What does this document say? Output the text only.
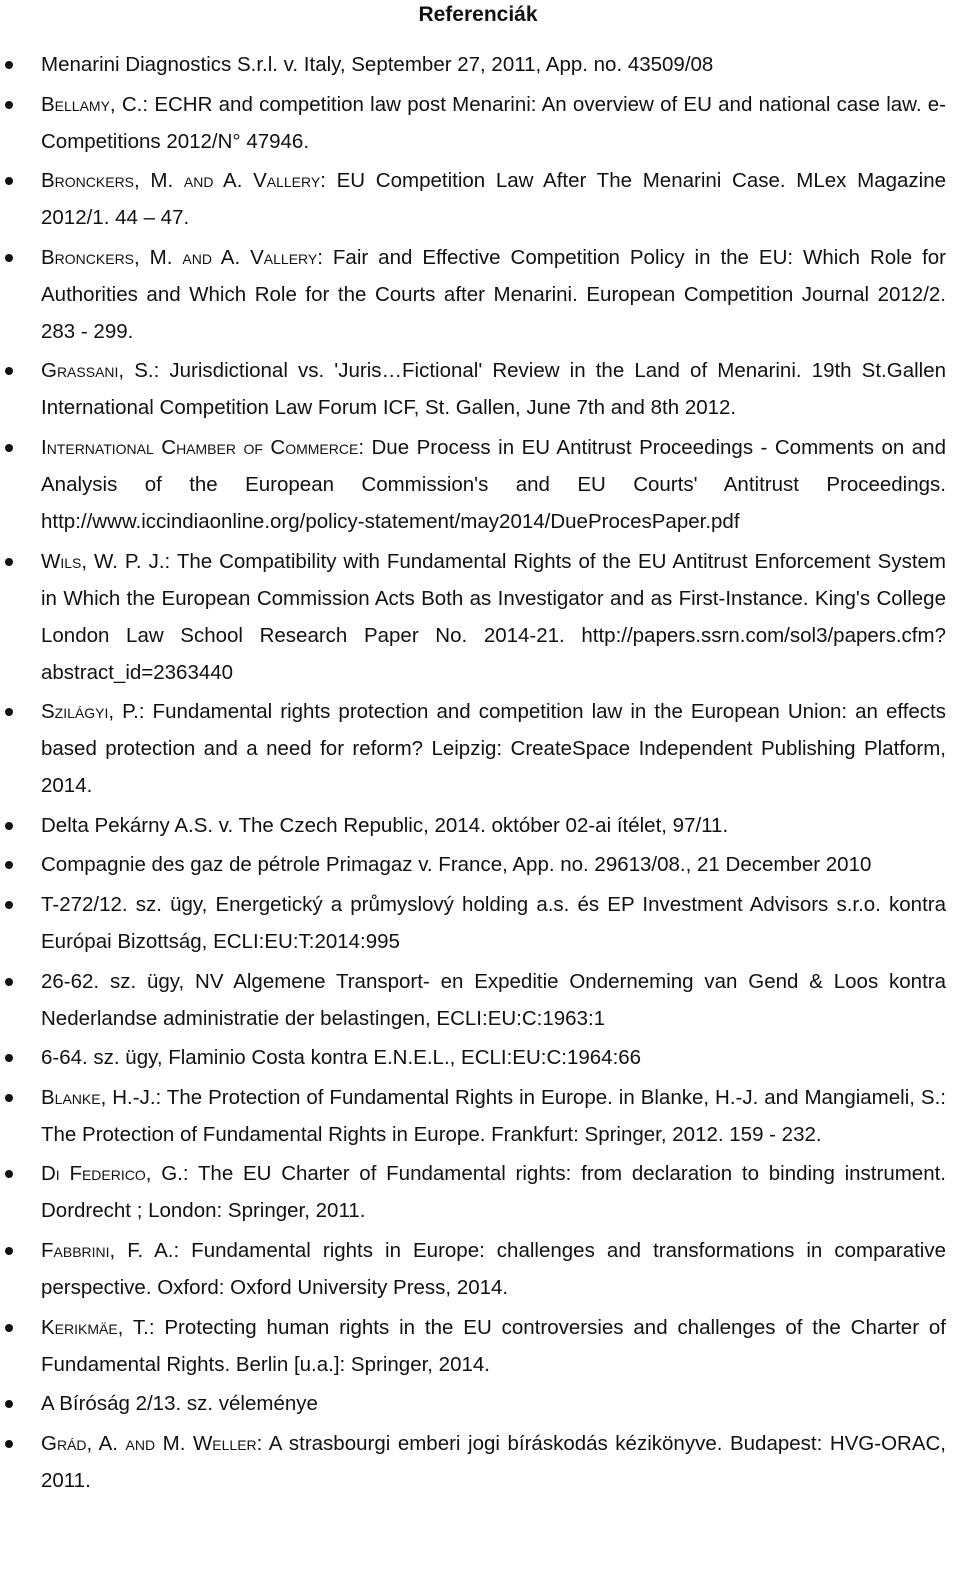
Referenciák
Menarini Diagnostics S.r.l. v. Italy, September 27, 2011, App. no. 43509/08
Bellamy, C.: ECHR and competition law post Menarini: An overview of EU and national case law. e-Competitions 2012/N° 47946.
Bronckers, M. and A. Vallery: EU Competition Law After The Menarini Case. MLex Magazine 2012/1. 44 – 47.
Bronckers, M. and A. Vallery: Fair and Effective Competition Policy in the EU: Which Role for Authorities and Which Role for the Courts after Menarini. European Competition Journal 2012/2. 283 - 299.
Grassani, S.: Jurisdictional vs. 'Juris…Fictional' Review in the Land of Menarini. 19th St.Gallen International Competition Law Forum ICF, St. Gallen, June 7th and 8th 2012.
International Chamber of Commerce: Due Process in EU Antitrust Proceedings - Comments on and Analysis of the European Commission's and EU Courts' Antitrust Proceedings. http://www.iccindiaonline.org/policy-statement/may2014/DueProcesPaper.pdf
Wils, W. P. J.: The Compatibility with Fundamental Rights of the EU Antitrust Enforcement System in Which the European Commission Acts Both as Investigator and as First-Instance. King's College London Law School Research Paper No. 2014-21. http://papers.ssrn.com/sol3/papers.cfm?abstract_id=2363440
Szilágyi, P.: Fundamental rights protection and competition law in the European Union: an effects based protection and a need for reform? Leipzig: CreateSpace Independent Publishing Platform, 2014.
Delta Pekárny A.S. v. The Czech Republic, 2014. október 02-ai ítélet, 97/11.
Compagnie des gaz de pétrole Primagaz v. France, App. no. 29613/08., 21 December 2010
T-272/12. sz. ügy, Energetický a průmyslový holding a.s. és EP Investment Advisors s.r.o. kontra Európai Bizottság, ECLI:EU:T:2014:995
26-62. sz. ügy, NV Algemene Transport- en Expeditie Onderneming van Gend & Loos kontra Nederlandse administratie der belastingen, ECLI:EU:C:1963:1
6-64. sz. ügy, Flaminio Costa kontra E.N.E.L., ECLI:EU:C:1964:66
Blanke, H.-J.: The Protection of Fundamental Rights in Europe. in Blanke, H.-J. and Mangiameli, S.: The Protection of Fundamental Rights in Europe. Frankfurt: Springer, 2012. 159 - 232.
Di Federico, G.: The EU Charter of Fundamental rights: from declaration to binding instrument. Dordrecht ; London: Springer, 2011.
Fabbrini, F. A.: Fundamental rights in Europe: challenges and transformations in comparative perspective. Oxford: Oxford University Press, 2014.
Kerikmäe, T.: Protecting human rights in the EU controversies and challenges of the Charter of Fundamental Rights. Berlin [u.a.]: Springer, 2014.
A Bíróság 2/13. sz. véleménye
Grád, A. and M. Weller: A strasbourgi emberi jogi bíráskodás kézikönyve. Budapest: HVG-ORAC, 2011.
